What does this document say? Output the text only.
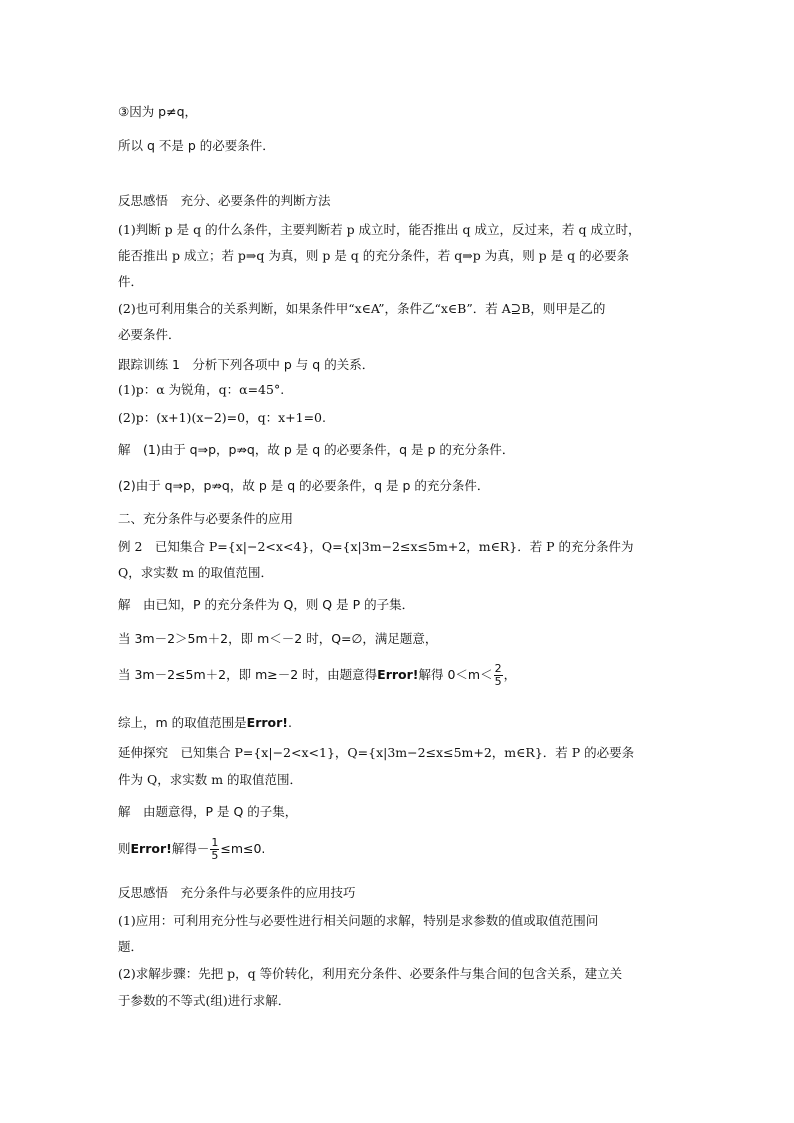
③因为 p≠q，
所以 q 不是 p 的必要条件．
反思感悟　充分、必要条件的判断方法
(1)判断 p 是 q 的什么条件，主要判断若 p 成立时，能否推出 q 成立，反过来，若 q 成立时，
能否推出 p 成立；若 p⇒q 为真，则 p 是 q 的充分条件，若 q⇒p 为真，则 p 是 q 的必要条
件．
(2)也可利用集合的关系判断，如果条件甲“x∈A”，条件乙“x∈B”．若 A⊇B，则甲是乙的
必要条件．
跟踪训练 1　分析下列各项中 p 与 q 的关系．
(1)p：α 为锐角，q：α=45°.
(2)p：(x+1)(x−2)=0，q：x+1=0.
解　(1)由于 q⇒p，p⇏q，故 p 是 q 的必要条件，q 是 p 的充分条件．
(2)由于 q⇒p，p⇏q，故 p 是 q 的必要条件，q 是 p 的充分条件．
二、充分条件与必要条件的应用
例 2　已知集合 P={x|−2<x<4}，Q={x|3m−2≤x≤5m+2，m∈R}．若 P 的充分条件为
Q，求实数 m 的取值范围．
解　由已知，P 的充分条件为 Q，则 Q 是 P 的子集．
当 3m－2＞5m＋2，即 m＜－2 时，Q=∅，满足题意，
当 3m－2≤5m＋2，即 m≥－2 时，由题意得Error!解得 $0<m< \frac{2}{5}$ ，
综上，m 的取值范围是Error!.
延伸探究　已知集合 P={x|−2<x<1}，Q={x|3m−2≤x≤5m+2，m∈R}．若 P 的必要条
件为 Q，求实数 m 的取值范围．
解　由题意得，P 是 Q 的子集，
则Error!解得－ $\frac{1}{5} \le m\le 0$.
反思感悟　充分条件与必要条件的应用技巧
(1)应用：可利用充分性与必要性进行相关问题的求解，特别是求参数的值或取值范围问
题．
(2)求解步骤：先把 p，q 等价转化，利用充分条件、必要条件与集合间的包含关系，建立关
于参数的不等式(组)进行求解．
